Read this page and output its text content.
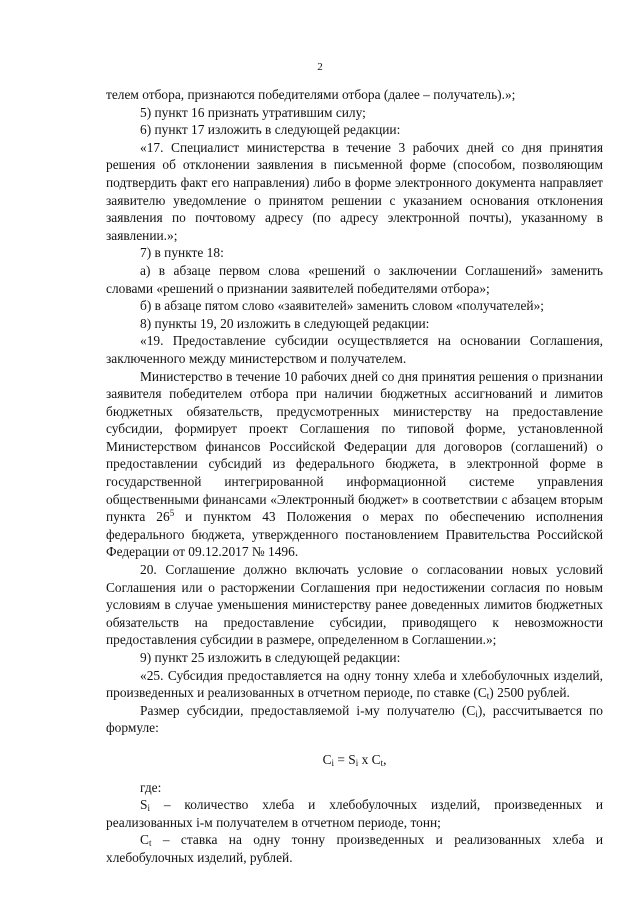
2

телем отбора, признаются победителями отбора (далее – получатель).»;

5) пункт 16 признать утратившим силу;

6) пункт 17 изложить в следующей редакции:

«17. Специалист министерства в течение 3 рабочих дней со дня принятия решения об отклонении заявления в письменной форме (способом, позволяющим подтвердить факт его направления) либо в форме электронного документа направляет заявителю уведомление о принятом решении с указанием основания отклонения заявления по почтовому адресу (по адресу электронной почты), указанному в заявлении.»;

7) в пункте 18:

а) в абзаце первом слова «решений о заключении Соглашений» заменить словами «решений о признании заявителей победителями отбора»;

б) в абзаце пятом слово «заявителей» заменить словом «получателей»;

8) пункты 19, 20 изложить в следующей редакции:

«19. Предоставление субсидии осуществляется на основании Соглашения, заключенного между министерством и получателем.

Министерство в течение 10 рабочих дней со дня принятия решения о признании заявителя победителем отбора при наличии бюджетных ассигнований и лимитов бюджетных обязательств, предусмотренных министерству на предоставление субсидии, формирует проект Соглашения по типовой форме, установленной Министерством финансов Российской Федерации для договоров (соглашений) о предоставлении субсидий из федерального бюджета, в электронной форме в государственной интегрированной информационной системе управления общественными финансами «Электронный бюджет» в соответствии с абзацем вторым пункта $26^5$ и пунктом 43 Положения о мерах по обеспечению исполнения федерального бюджета, утвержденного постановлением Правительства Российской Федерации от 09.12.2017 № 1496.

20. Соглашение должно включать условие о согласовании новых условий Соглашения или о расторжении Соглашения при недостижении согласия по новым условиям в случае уменьшения министерству ранее доведенных лимитов бюджетных обязательств на предоставление субсидии, приводящего к невозможности предоставления субсидии в размере, определенном в Соглашении.»;

9) пункт 25 изложить в следующей редакции:

«25. Субсидия предоставляется на одну тонну хлеба и хлебобулочных изделий, произведенных и реализованных в отчетном периоде, по ставке $(С_t)$ 2500 рублей.

Размер субсидии, предоставляемой i-му получателю $(С_i)$, рассчитывается по формуле:

$С_i = S_i$ x $С_t$,

где:

$S_i$ – количество хлеба и хлебобулочных изделий, произведенных и реализованных i-м получателем в отчетном периоде, тонн;

$С_t$ – ставка на одну тонну произведенных и реализованных хлеба и хлебобулочных изделий, рублей.
